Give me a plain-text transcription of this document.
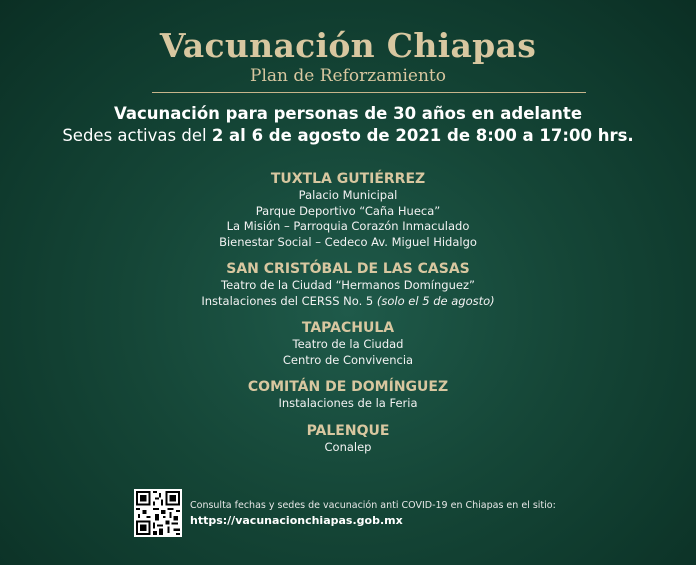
Vacunación Chiapas
Plan de Reforzamiento
Vacunación para personas de 30 años en adelante
Sedes activas del 2 al 6 de agosto de 2021 de 8:00 a 17:00 hrs.
TUXTLA GUTIÉRREZ
Palacio Municipal
Parque Deportivo “Caña Hueca”
La Misión – Parroquia Corazón Inmaculado
Bienestar Social – Cedeco Av. Miguel Hidalgo
SAN CRISTÓBAL DE LAS CASAS
Teatro de la Ciudad “Hermanos Domínguez”
Instalaciones del CERSS No. 5 (solo el 5 de agosto)
TAPACHULA
Teatro de la Ciudad
Centro de Convivencia
COMITÁN DE DOMÍNGUEZ
Instalaciones de la Feria
PALENQUE
Conalep
Consulta fechas y sedes de vacunación anti COVID-19 en Chiapas en el sitio:
https://vacunacionchiapas.gob.mx
